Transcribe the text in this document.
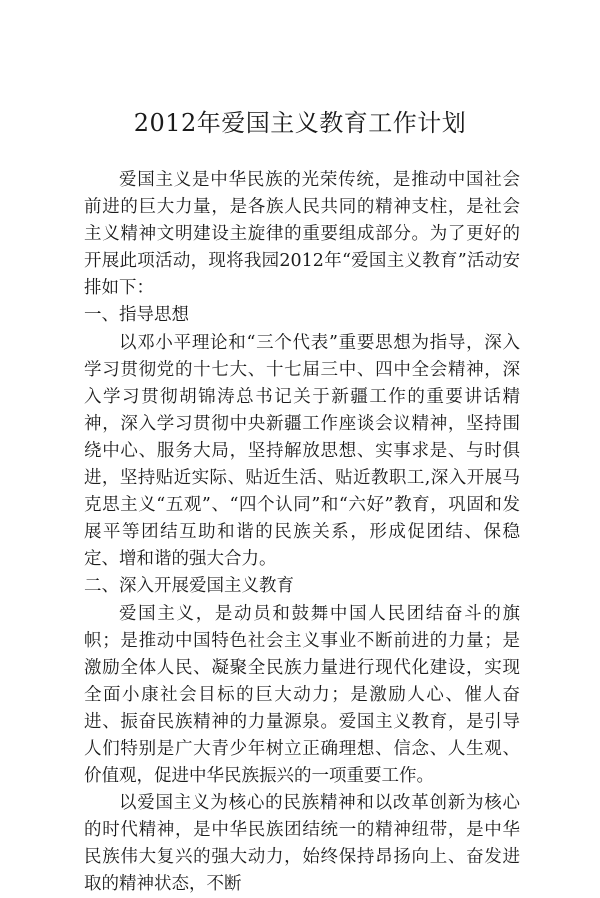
2012年爱国主义教育工作计划

爱国主义是中华民族的光荣传统，是推动中国社会前进的巨大力量，是各族人民共同的精神支柱，是社会主义精神文明建设主旋律的重要组成部分。为了更好的开展此项活动，现将我园2012年“爱国主义教育”活动安排如下：

一、指导思想

以邓小平理论和“三个代表”重要思想为指导，深入学习贯彻党的十七大、十七届三中、四中全会精神，深入学习贯彻胡锦涛总书记关于新疆工作的重要讲话精神，深入学习贯彻中央新疆工作座谈会议精神，坚持围绕中心、服务大局，坚持解放思想、实事求是、与时俱进，坚持贴近实际、贴近生活、贴近教职工,深入开展马克思主义“五观”、“四个认同”和“六好”教育，巩固和发展平等团结互助和谐的民族关系，形成促团结、保稳定、增和谐的强大合力。

二、深入开展爱国主义教育

爱国主义，是动员和鼓舞中国人民团结奋斗的旗帜；是推动中国特色社会主义事业不断前进的力量；是激励全体人民、凝聚全民族力量进行现代化建设，实现全面小康社会目标的巨大动力；是激励人心、催人奋进、振奋民族精神的力量源泉。爱国主义教育，是引导人们特别是广大青少年树立正确理想、信念、人生观、价值观，促进中华民族振兴的一项重要工作。

以爱国主义为核心的民族精神和以改革创新为核心的时代精神，是中华民族团结统一的精神纽带，是中华民族伟大复兴的强大动力，始终保持昂扬向上、奋发进取的精神状态，不断
